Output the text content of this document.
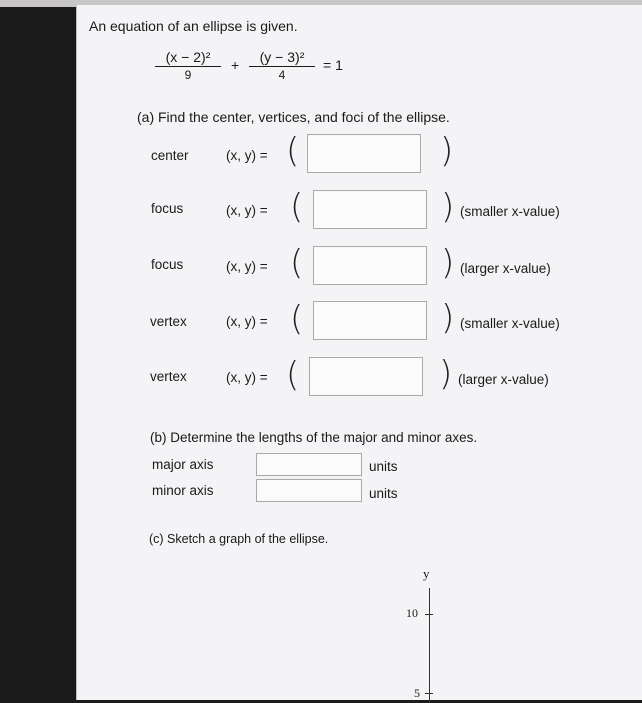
An equation of an ellipse is given.
(x − 2)²
9
+	(y − 3)²
4
= 1
(a) Find the center, vertices, and foci of the ellipse.
center	(x, y) = (	)
focus	(x, y) = (	) (smaller x-value)
focus	(x, y) = (	) (larger x-value)
vertex	(x, y) = (	) (smaller x-value)
vertex	(x, y) = (	) (larger x-value)
(b) Determine the lengths of the major and minor axes.
major axis	units
minor axis	units
(c) Sketch a graph of the ellipse.
y
10
5
